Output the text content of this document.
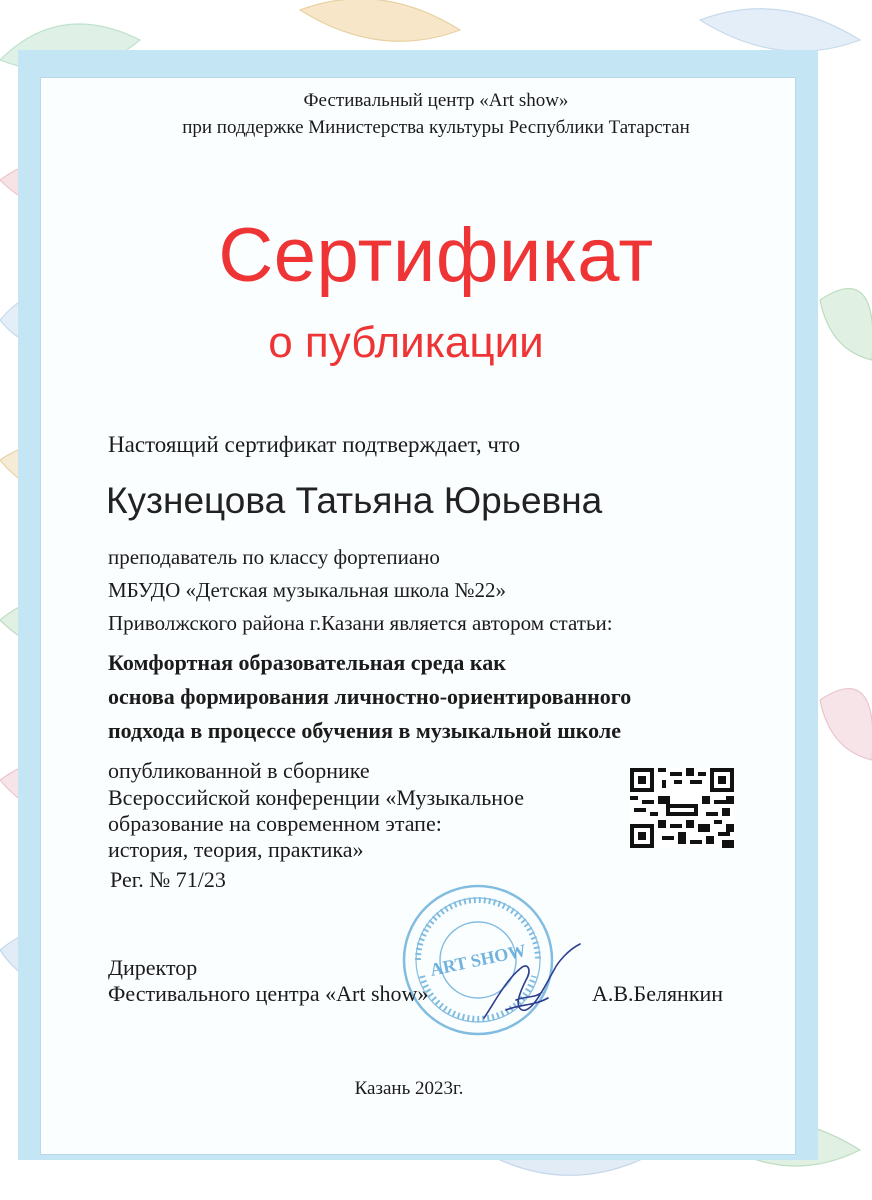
Фестивальный центр «Art show»
при поддержке Министерства культуры Республики Татарстан
Сертификат
о публикации
Настоящий сертификат подтверждает, что
Кузнецова Татьяна Юрьевна
преподаватель по классу фортепиано
МБУДО «Детская музыкальная школа №22»
Приволжского района г.Казани является автором статьи:
Комфортная образовательная среда как
основа формирования личностно-ориентированного
подхода в процессе обучения в музыкальной школе
опубликованной в сборнике
Всероссийской конференции «Музыкальное
образование на современном этапе:
история, теория, практика»
Рег. № 71/23
ART SHOW
Директор
Фестивального центра «Art show»	А.В.Белянкин
Казань 2023г.
